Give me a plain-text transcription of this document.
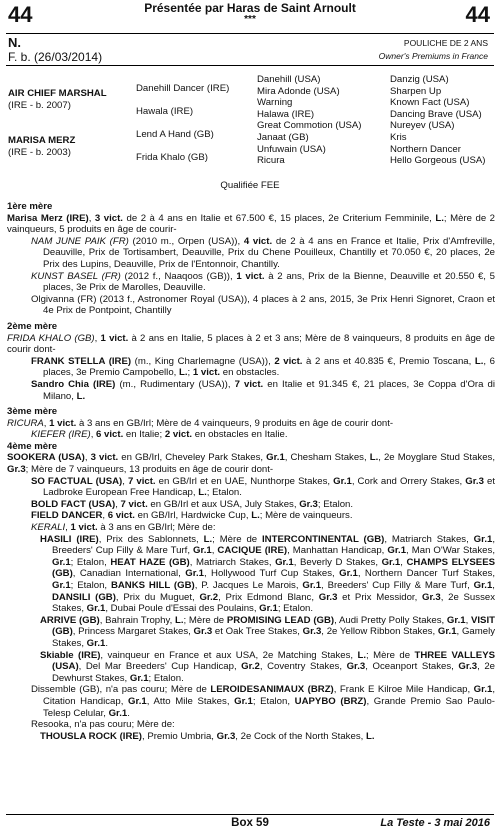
44	44
Présentée par Haras de Saint Arnoult
***
N.
F. b. (26/03/2014)
POULICHE DE 2 ANS
Owner's Premiums in France
AIR CHIEF MARSHAL
(IRE - b. 2007)
MARISA MERZ
(IRE - b. 2003)
Danehill Dancer (IRE)
Hawala (IRE)
Lend A Hand (GB)
Frida Khalo (GB)
Danehill (USA)
Mira Adonde (USA)
Warning
Halawa (IRE)
Great Commotion (USA)
Janaat (GB)
Unfuwain (USA)
Ricura
Danzig (USA)
Sharpen Up
Known Fact (USA)
Dancing Brave (USA)
Nureyev (USA)
Kris
Northern Dancer
Hello Gorgeous (USA)
Qualifiée FEE

1ère mère

Marisa Merz (IRE), 3 vict. de 2 à 4 ans en Italie et 67.500 €, 15 places, 2e Criterium Femminile, L.; Mère de 2 vainqueurs, 5 produits en âge de courir-

NAM JUNE PAIK (FR) (2010 m., Orpen (USA)), 4 vict. de 2 à 4 ans en France et Italie, Prix d'Amfreville, Deauville, Prix de Tortisambert, Deauville, Prix du Chene Pouilleux, Chantilly et 70.050 €, 20 places, 2e Prix des Lupins, Deauville, Prix de l'Entonnoir, Chantilly.

KUNST BASEL (FR) (2012 f., Naaqoos (GB)), 1 vict. à 2 ans, Prix de la Bienne, Deauville et 20.550 €, 5 places, 3e Prix de Marolles, Deauville.

Olgivanna (FR) (2013 f., Astronomer Royal (USA)), 4 places à 2 ans, 2015, 3e Prix Henri Signoret, Craon et 4e Prix de Pontpoint, Chantilly

2ème mère

FRIDA KHALO (GB), 1 vict. à 2 ans en Italie, 5 places à 2 et 3 ans; Mère de 8 vainqueurs, 8 produits en âge de courir dont-

FRANK STELLA (IRE) (m., King Charlemagne (USA)), 2 vict. à 2 ans et 40.835 €, Premio Toscana, L., 6 places, 3e Premio Campobello, L.; 1 vict. en obstacles.

Sandro Chia (IRE) (m., Rudimentary (USA)), 7 vict. en Italie et 91.345 €, 21 places, 3e Coppa d'Ora di Milano, L.

3ème mère

RICURA, 1 vict. à 3 ans en GB/Irl; Mère de 4 vainqueurs, 9 produits en âge de courir dont-

KIEFER (IRE), 6 vict. en Italie; 2 vict. en obstacles en Italie.

4ème mère

SOOKERA (USA), 3 vict. en GB/Irl, Cheveley Park Stakes, Gr.1, Chesham Stakes, L., 2e Moyglare Stud Stakes, Gr.3; Mère de 7 vainqueurs, 13 produits en âge de courir dont-

SO FACTUAL (USA), 7 vict. en GB/Irl et en UAE, Nunthorpe Stakes, Gr.1, Cork and Orrery Stakes, Gr.3 et Ladbroke European Free Handicap, L.; Etalon.

BOLD FACT (USA), 7 vict. en GB/Irl et aux USA, July Stakes, Gr.3; Etalon.

FIELD DANCER, 6 vict. en GB/Irl, Hardwicke Cup, L.; Mère de vainqueurs.

KERALI, 1 vict. à 3 ans en GB/Irl; Mère de:

HASILI (IRE), Prix des Sablonnets, L.; Mère de INTERCONTINENTAL (GB), Matriarch Stakes, Gr.1, Breeders' Cup Filly & Mare Turf, Gr.1, CACIQUE (IRE), Manhattan Handicap, Gr.1, Man O'War Stakes, Gr.1; Etalon, HEAT HAZE (GB), Matriarch Stakes, Gr.1, Beverly D Stakes, Gr.1, CHAMPS ELYSEES (GB), Canadian International, Gr.1, Hollywood Turf Cup Stakes, Gr.1, Northern Dancer Turf Stakes, Gr.1; Etalon, BANKS HILL (GB), P. Jacques Le Marois, Gr.1, Breeders' Cup Filly & Mare Turf, Gr.1, DANSILI (GB), Prix du Muguet, Gr.2, Prix Edmond Blanc, Gr.3 et Prix Messidor, Gr.3, 2e Sussex Stakes, Gr.1, Dubai Poule d'Essai des Poulains, Gr.1; Etalon.

ARRIVE (GB), Bahrain Trophy, L.; Mère de PROMISING LEAD (GB), Audi Pretty Polly Stakes, Gr.1, VISIT (GB), Princess Margaret Stakes, Gr.3 et Oak Tree Stakes, Gr.3, 2e Yellow Ribbon Stakes, Gr.1, Gamely Stakes, Gr.1.

Skiable (IRE), vainqueur en France et aux USA, 2e Matching Stakes, L.; Mère de THREE VALLEYS (USA), Del Mar Breeders' Cup Handicap, Gr.2, Coventry Stakes, Gr.3, Oceanport Stakes, Gr.3, 2e Dewhurst Stakes, Gr.1; Etalon.

Dissemble (GB), n'a pas couru; Mère de LEROIDESANIMAUX (BRZ), Frank E Kilroe Mile Handicap, Gr.1, Citation Handicap, Gr.1, Atto Mile Stakes, Gr.1; Etalon, UAPYBO (BRZ), Grande Premio Sao Paulo-Telesp Celular, Gr.1.

Resooka, n'a pas couru; Mère de:

THOUSLA ROCK (IRE), Premio Umbria, Gr.3, 2e Cock of the North Stakes, L.

Box 59	La Teste - 3 mai 2016
